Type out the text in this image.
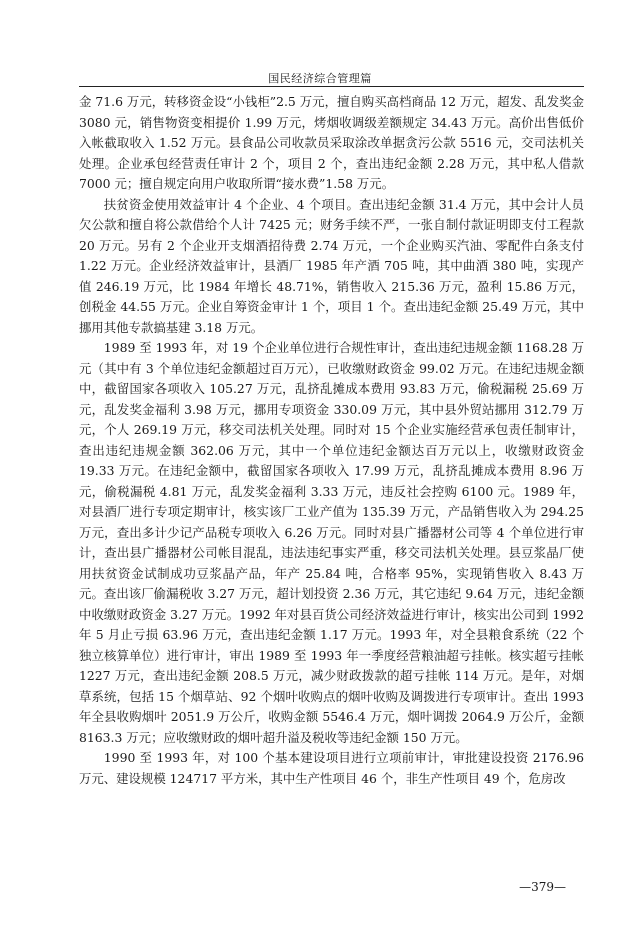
国民经济综合管理篇

金 71.6 万元，转移资金设“小钱柜”2.5 万元，擅自购买高档商品 12 万元，超发、乱发奖金 3080 元，销售物资变相提价 1.99 万元，烤烟收调级差额规定 34.43 万元。高价出售低价入帐截取收入 1.52 万元。县食品公司收款员采取涂改单据贪污公款 5516 元，交司法机关处理。企业承包经营责任审计 2 个，项目 2 个，查出违纪金额 2.28 万元，其中私人借款 7000 元；擅自规定向用户收取所谓“接水费”1.58 万元。

扶贫资金使用效益审计 4 个企业、4 个项目。查出违纪金额 31.4 万元，其中会计人员欠公款和擅自将公款借给个人计 7425 元；财务手续不严，一张自制付款证明即支付工程款 20 万元。另有 2 个企业开支烟酒招待费 2.74 万元，一个企业购买汽油、零配件白条支付 1.22 万元。企业经济效益审计，县酒厂 1985 年产酒 705 吨，其中曲酒 380 吨，实现产值 246.19 万元，比 1984 年增长 48.71%，销售收入 215.36 万元，盈利 15.86 万元，创税金 44.55 万元。企业自筹资金审计 1 个，项目 1 个。查出违纪金额 25.49 万元，其中挪用其他专款搞基建 3.18 万元。

1989 至 1993 年，对 19 个企业单位进行合规性审计，查出违纪违规金额 1168.28 万元（其中有 3 个单位违纪金额超过百万元），已收缴财政资金 99.02 万元。在违纪违规金额中，截留国家各项收入 105.27 万元，乱挤乱摊成本费用 93.83 万元，偷税漏税 25.69 万元，乱发奖金福利 3.98 万元，挪用专项资金 330.09 万元，其中县外贸站挪用 312.79 万元，个人 269.19 万元，移交司法机关处理。同时对 15 个企业实施经营承包责任制审计，查出违纪违规金额 362.06 万元，其中一个单位违纪金额达百万元以上，收缴财政资金 19.33 万元。在违纪金额中，截留国家各项收入 17.99 万元，乱挤乱摊成本费用 8.96 万元，偷税漏税 4.81 万元，乱发奖金福利 3.33 万元，违反社会控购 6100 元。1989 年，对县酒厂进行专项定期审计，核实该厂工业产值为 135.39 万元，产品销售收入为 294.25 万元，查出多计少记产品税专项收入 6.26 万元。同时对县广播器材公司等 4 个单位进行审计，查出县广播器材公司帐目混乱，违法违纪事实严重，移交司法机关处理。县豆浆晶厂使用扶贫资金试制成功豆浆晶产品，年产 25.84 吨，合格率 95%，实现销售收入 8.43 万元。查出该厂偷漏税收 3.27 万元，超计划投资 2.36 万元，其它违纪 9.64 万元，违纪金额中收缴财政资金 3.27 万元。1992 年对县百货公司经济效益进行审计，核实出公司到 1992 年 5 月止亏损 63.96 万元，查出违纪金额 1.17 万元。1993 年，对全县粮食系统（22 个独立核算单位）进行审计，审出 1989 至 1993 年一季度经营粮油超亏挂帐。核实超亏挂帐 1227 万元，查出违纪金额 208.5 万元，减少财政拨款的超亏挂帐 114 万元。是年，对烟草系统，包括 15 个烟草站、92 个烟叶收购点的烟叶收购及调拨进行专项审计。查出 1993 年全县收购烟叶 2051.9 万公斤，收购金额 5546.4 万元，烟叶调拨 2064.9 万公斤，金额 8163.3 万元；应收缴财政的烟叶超升溢及税收等违纪金额 150 万元。

1990 至 1993 年，对 100 个基本建设项目进行立项前审计，审批建设投资 2176.96 万元、建设规模 124717 平方米，其中生产性项目 46 个，非生产性项目 49 个，危房改

—379—
